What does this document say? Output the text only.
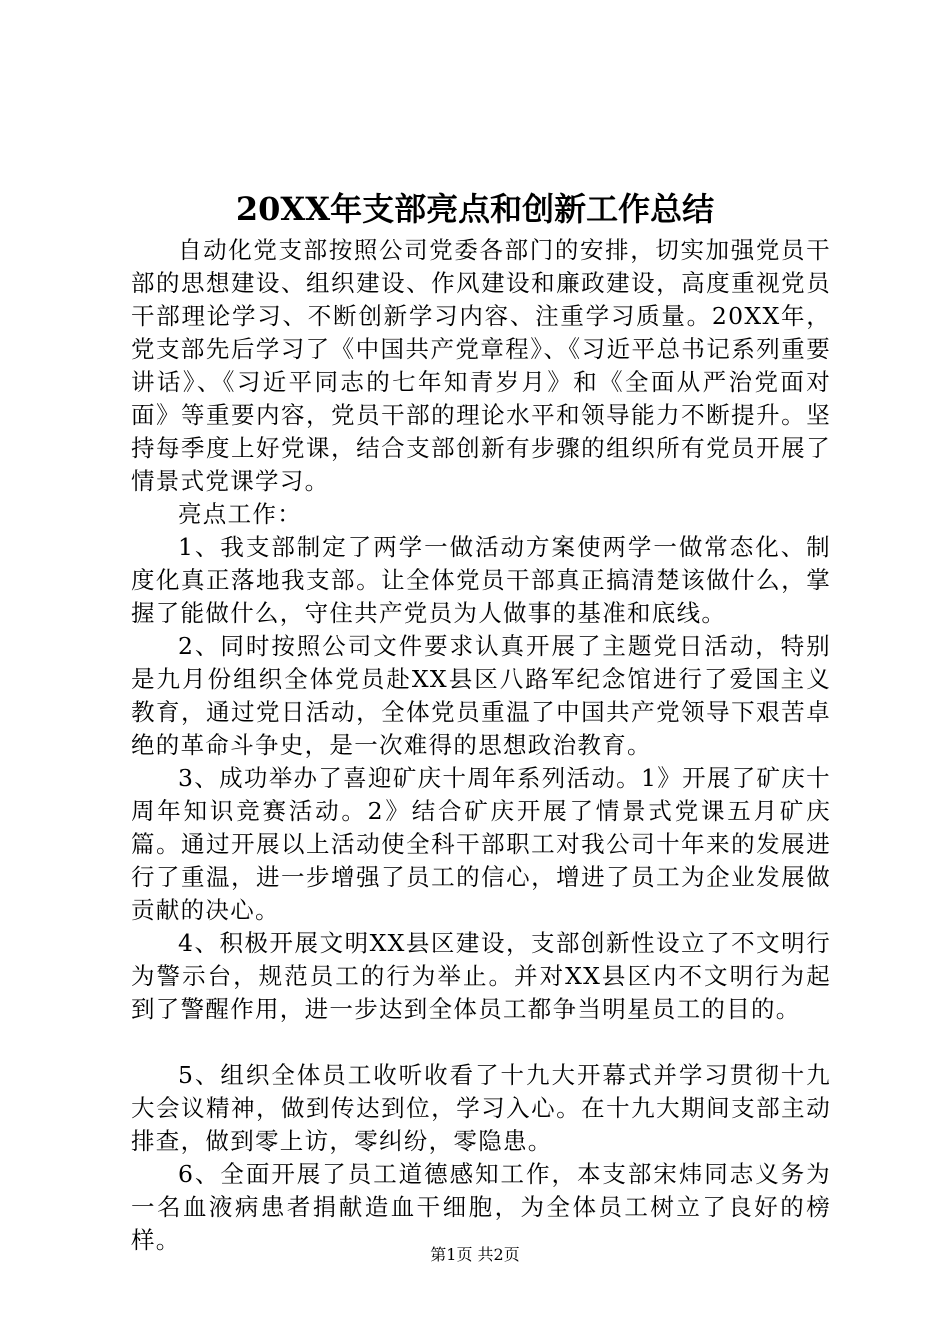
20XX年支部亮点和创新工作总结

自动化党支部按照公司党委各部门的安排，切实加强党员干部的思想建设、组织建设、作风建设和廉政建设，高度重视党员干部理论学习、不断创新学习内容、注重学习质量。20XX年，党支部先后学习了《中国共产党章程》、《习近平总书记系列重要讲话》、《习近平同志的七年知青岁月》和《全面从严治党面对面》等重要内容，党员干部的理论水平和领导能力不断提升。坚持每季度上好党课，结合支部创新有步骤的组织所有党员开展了情景式党课学习。

亮点工作：

1、我支部制定了两学一做活动方案使两学一做常态化、制度化真正落地我支部。让全体党员干部真正搞清楚该做什么，掌握了能做什么，守住共产党员为人做事的基准和底线。

2、同时按照公司文件要求认真开展了主题党日活动，特别是九月份组织全体党员赴XX县区八路军纪念馆进行了爱国主义教育，通过党日活动，全体党员重温了中国共产党领导下艰苦卓绝的革命斗争史，是一次难得的思想政治教育。

3、成功举办了喜迎矿庆十周年系列活动。1》开展了矿庆十周年知识竞赛活动。2》结合矿庆开展了情景式党课五月矿庆篇。通过开展以上活动使全科干部职工对我公司十年来的发展进行了重温，进一步增强了员工的信心，增进了员工为企业发展做贡献的决心。

4、积极开展文明XX县区建设，支部创新性设立了不文明行为警示台，规范员工的行为举止。并对XX县区内不文明行为起到了警醒作用，进一步达到全体员工都争当明星员工的目的。

5、组织全体员工收听收看了十九大开幕式并学习贯彻十九大会议精神，做到传达到位，学习入心。在十九大期间支部主动排查，做到零上访，零纠纷，零隐患。

6、全面开展了员工道德感知工作，本支部宋炜同志义务为一名血液病患者捐献造血干细胞，为全体员工树立了良好的榜样。

第1页 共2页
